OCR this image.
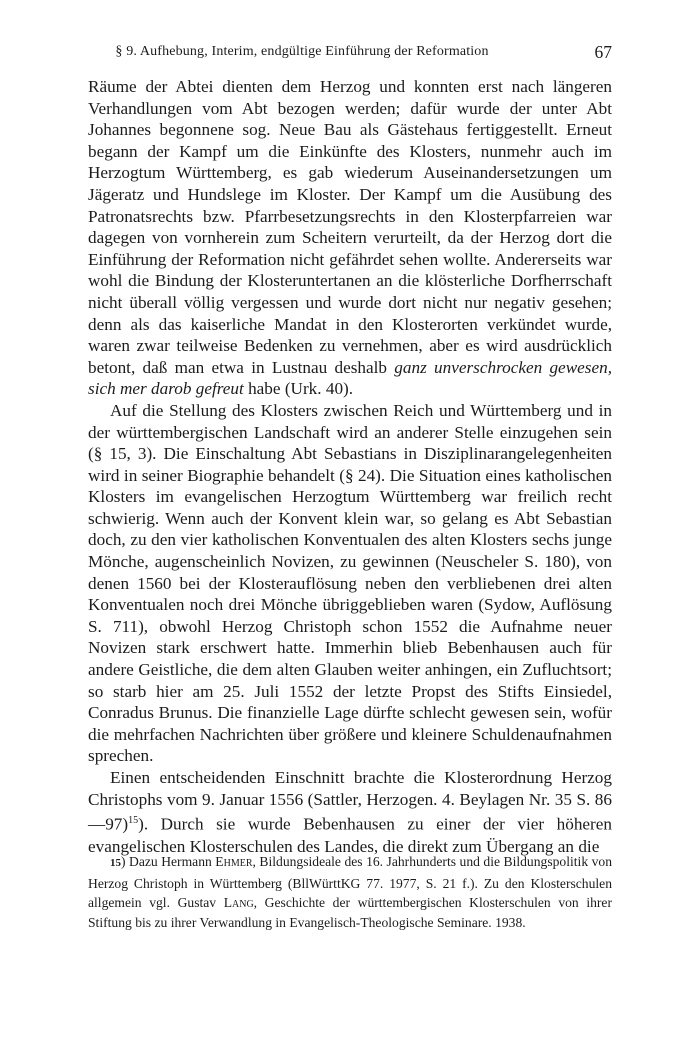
§ 9. Aufhebung, Interim, endgültige Einführung der Reformation	67

Räume der Abtei dienten dem Herzog und konnten erst nach längeren Verhandlungen vom Abt bezogen werden; dafür wurde der unter Abt Johannes begonnene sog. Neue Bau als Gästehaus fertiggestellt. Erneut begann der Kampf um die Einkünfte des Klosters, nunmehr auch im Herzogtum Württemberg, es gab wiederum Auseinandersetzungen um Jägeratz und Hundslege im Kloster. Der Kampf um die Ausübung des Patronatsrechts bzw. Pfarrbesetzungsrechts in den Klosterpfarreien war dagegen von vornherein zum Scheitern verurteilt, da der Herzog dort die Einführung der Reformation nicht gefährdet sehen wollte. Andererseits war wohl die Bindung der Klosteruntertanen an die klösterliche Dorfherrschaft nicht überall völlig vergessen und wurde dort nicht nur negativ gesehen; denn als das kaiserliche Mandat in den Klosterorten verkündet wurde, waren zwar teilweise Bedenken zu vernehmen, aber es wird ausdrücklich betont, daß man etwa in Lustnau deshalb ganz unverschrocken gewesen, sich mer darob gefreut habe (Urk. 40).

Auf die Stellung des Klosters zwischen Reich und Württemberg und in der württembergischen Landschaft wird an anderer Stelle einzugehen sein (§ 15, 3). Die Einschaltung Abt Sebastians in Disziplinarangelegenheiten wird in seiner Biographie behandelt (§ 24). Die Situation eines katholischen Klosters im evangelischen Herzogtum Württemberg war freilich recht schwierig. Wenn auch der Konvent klein war, so gelang es Abt Sebastian doch, zu den vier katholischen Konventualen des alten Klosters sechs junge Mönche, augenscheinlich Novizen, zu gewinnen (Neuscheler S. 180), von denen 1560 bei der Klosterauflösung neben den verbliebenen drei alten Konventualen noch drei Mönche übriggeblieben waren (Sydow, Auflösung S. 711), obwohl Herzog Christoph schon 1552 die Aufnahme neuer Novizen stark erschwert hatte. Immerhin blieb Bebenhausen auch für andere Geistliche, die dem alten Glauben weiter anhingen, ein Zufluchtsort; so starb hier am 25. Juli 1552 der letzte Propst des Stifts Einsiedel, Conradus Brunus. Die finanzielle Lage dürfte schlecht gewesen sein, wofür die mehrfachen Nachrichten über größere und kleinere Schuldenaufnahmen sprechen.

Einen entscheidenden Einschnitt brachte die Klosterordnung Herzog Christophs vom 9. Januar 1556 (Sattler, Herzogen. 4. Beylagen Nr. 35 S. 86—97)$^{15}$). Durch sie wurde Bebenhausen zu einer der vier höheren evangelischen Klosterschulen des Landes, die direkt zum Übergang an die

15) Dazu Hermann Ehmer, Bildungsideale des 16. Jahrhunderts und die Bildungspolitik von Herzog Christoph in Württemberg (BllWürttKG 77. 1977, S. 21 f.). Zu den Klosterschulen allgemein vgl. Gustav Lang, Geschichte der württembergischen Klosterschulen von ihrer Stiftung bis zu ihrer Verwandlung in Evangelisch-Theologische Seminare. 1938.
